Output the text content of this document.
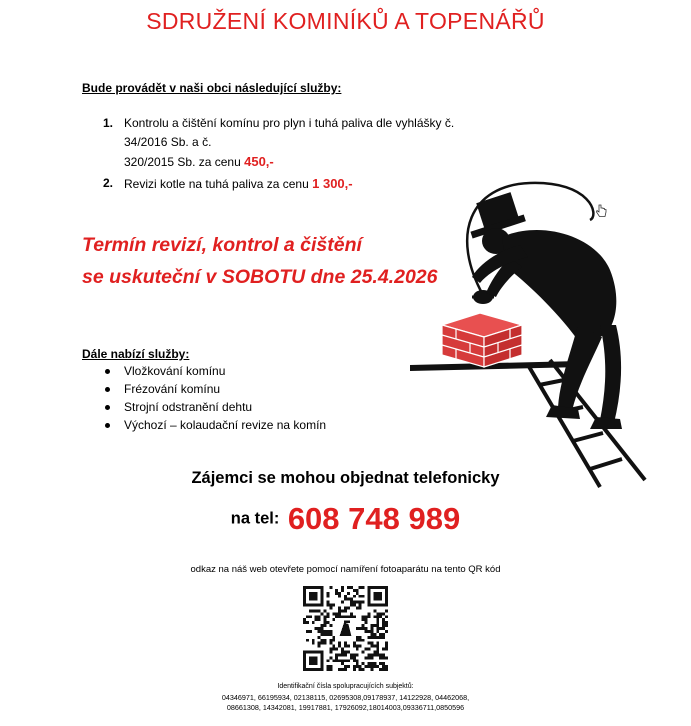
SDRUŽENÍ KOMINÍKŮ A TOPENÁŘŮ
Bude provádět v naši obci následující služby:
1. Kontrolu a čištění komínu pro plyn i tuhá paliva dle vyhlášky č. 34/2016 Sb. a č.
320/2015 Sb. za cenu 450,-
2. Revizi kotle na tuhá paliva za cenu 1 300,-
Termín revizí, kontrol a čištění
se uskuteční v SOBOTU dne 25.4.2026
Dále nabízí služby:
Vložkování komínu
Frézování komínu
Strojní odstranění dehtu
Výchozí – kolaudační revize na komín
Zájemci se mohou objednat telefonicky
na tel: 608 748 989
odkaz na náš web otevřete pomocí namíření fotoaparátu na tento QR kód
Identifikační čísla spolupracujících subjektů:
04346971, 66195934, 02138115, 02695308,09178937, 14122928, 04462068,
08661308, 14342081, 19917881, 17926092,18014003,09336711,0850596
